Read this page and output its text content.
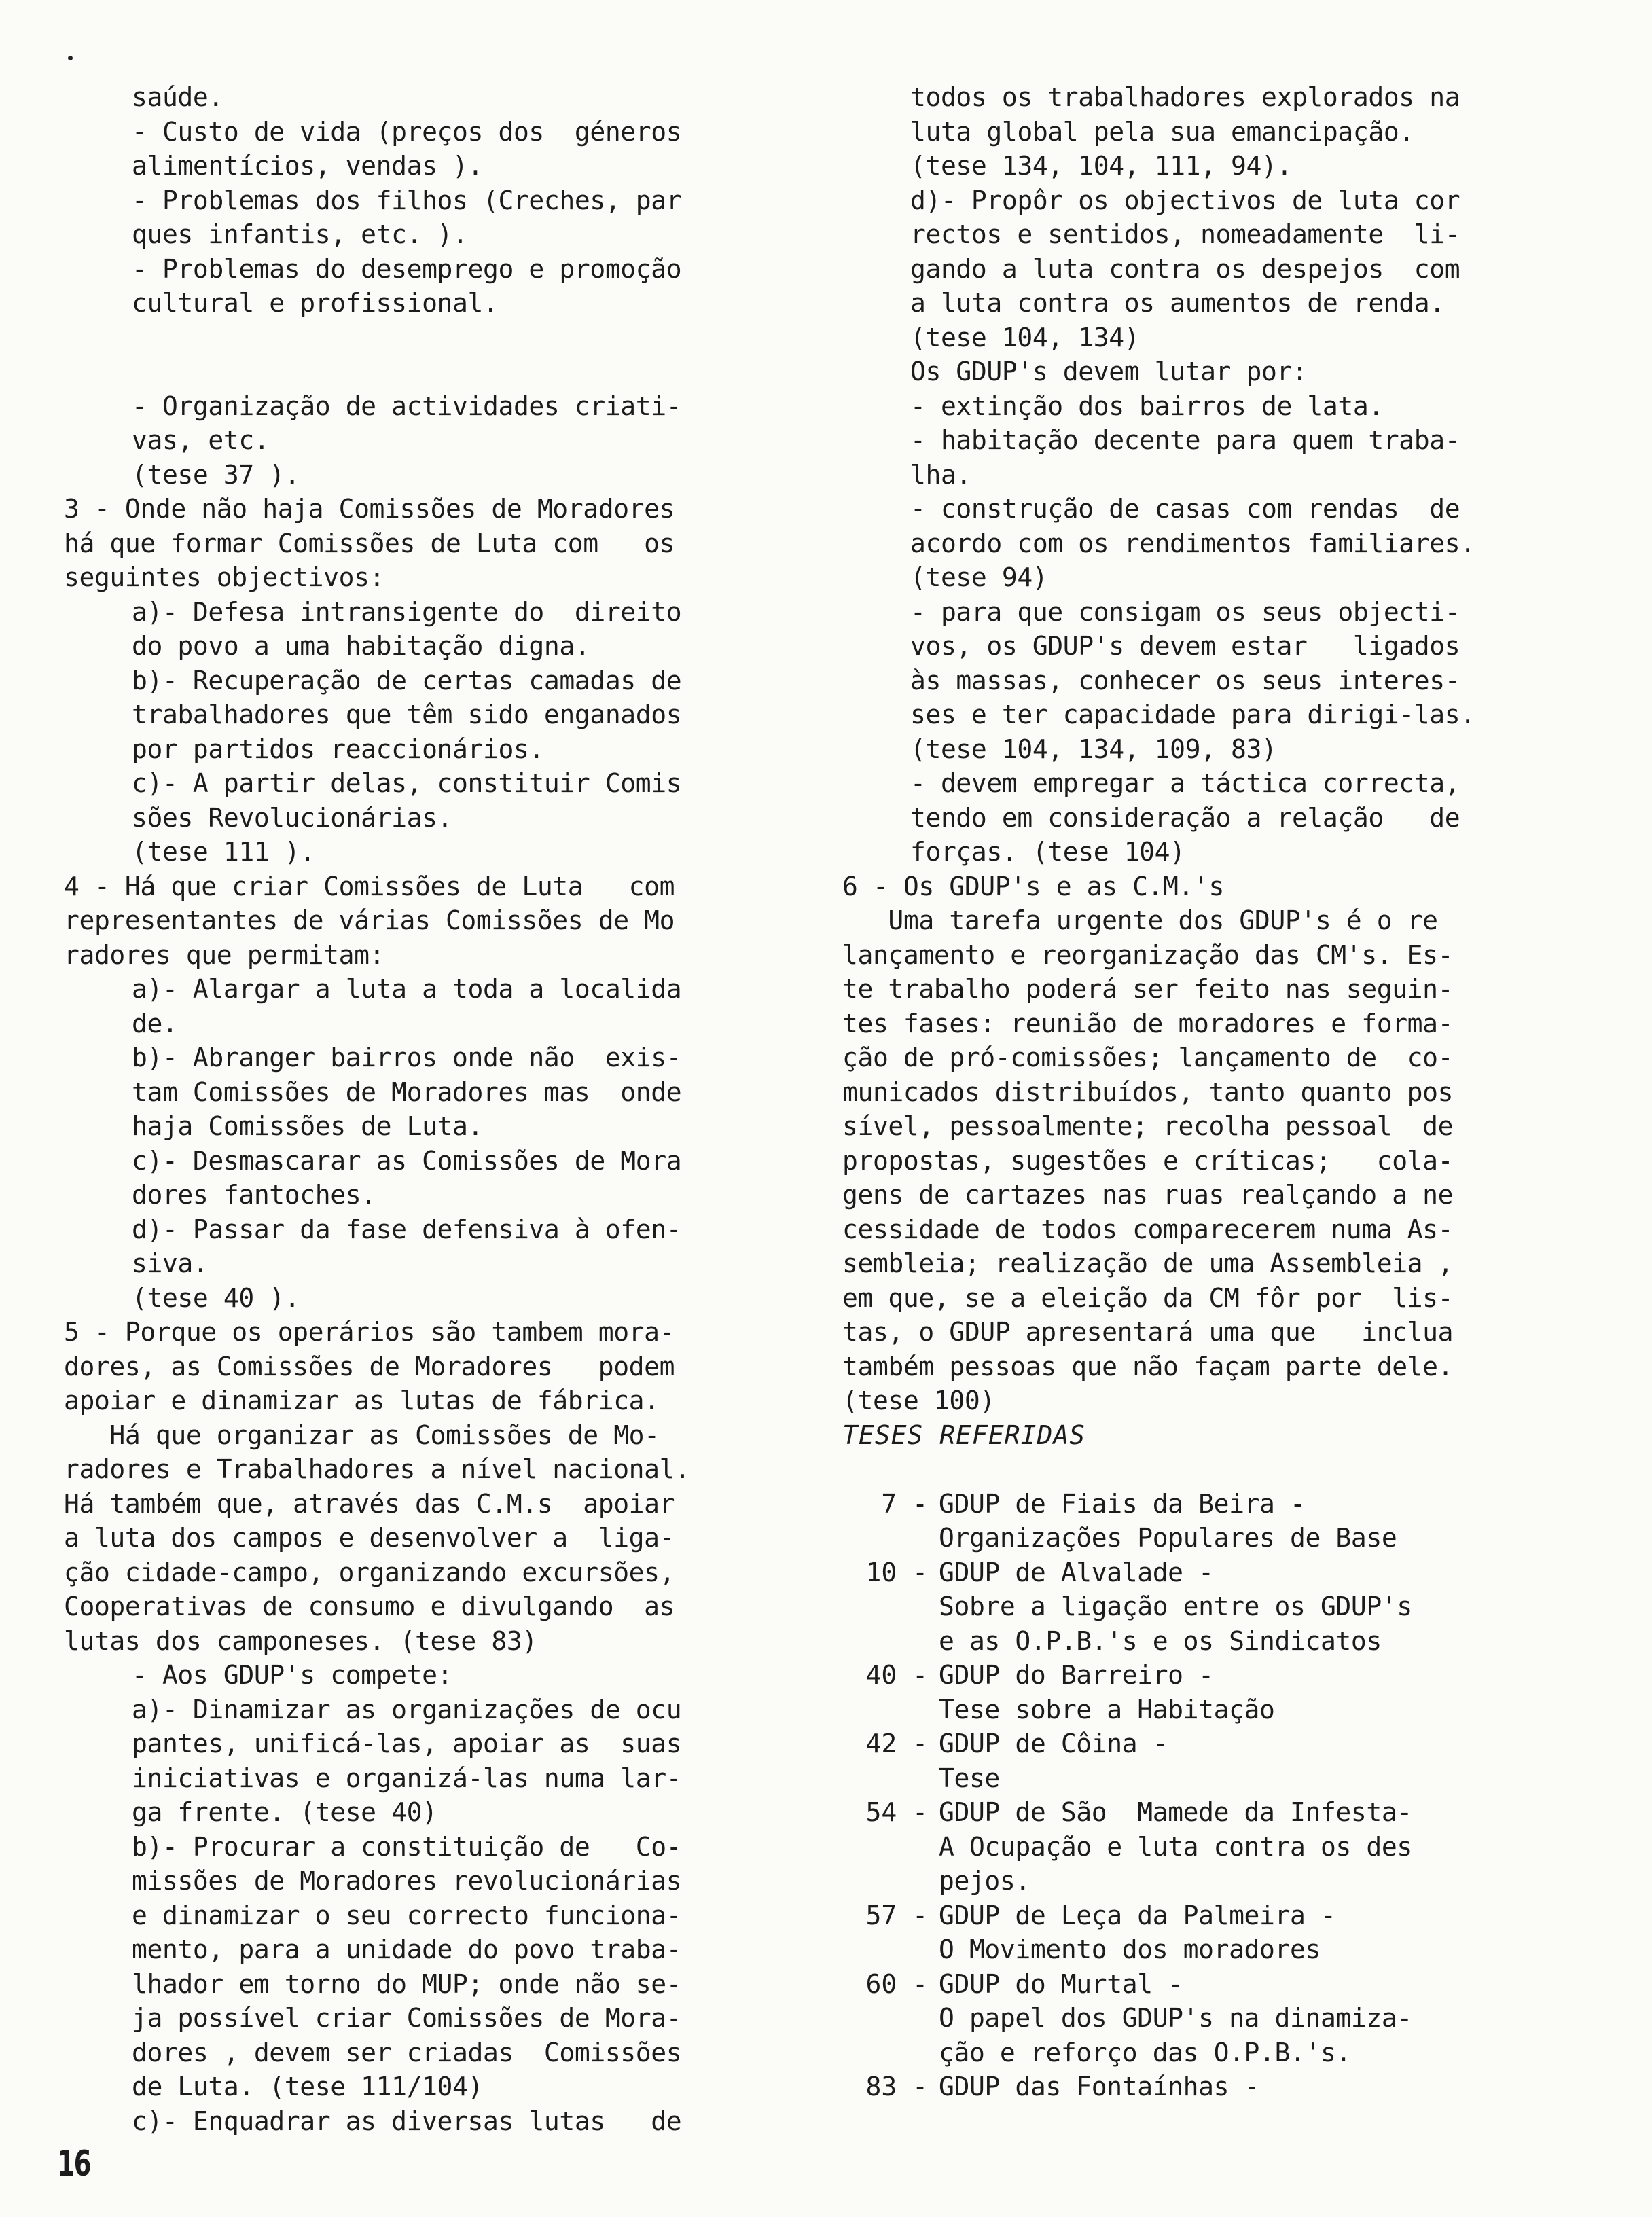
saúde.
- Custo de vida (preços dos  géneros
alimentícios, vendas ).
- Problemas dos filhos (Creches, par
ques infantis, etc. ).
- Problemas do desemprego e promoção
cultural e profissional.
- Organização de actividades criati-
vas, etc.
(tese 37 ).
3 - Onde não haja Comissões de Moradores
há que formar Comissões de Luta com   os
seguintes objectivos:
a)- Defesa intransigente do  direito
do povo a uma habitação digna.
b)- Recuperação de certas camadas de
trabalhadores que têm sido enganados
por partidos reaccionários.
c)- A partir delas, constituir Comis
sões Revolucionárias.
(tese 111 ).
4 - Há que criar Comissões de Luta   com
representantes de várias Comissões de Mo
radores que permitam:
a)- Alargar a luta a toda a localida
de.
b)- Abranger bairros onde não  exis-
tam Comissões de Moradores mas  onde
haja Comissões de Luta.
c)- Desmascarar as Comissões de Mora
dores fantoches.
d)- Passar da fase defensiva à ofen-
siva.
(tese 40 ).
5 - Porque os operários são tambem mora-
dores, as Comissões de Moradores   podem
apoiar e dinamizar as lutas de fábrica.
Há que organizar as Comissões de Mo-
radores e Trabalhadores a nível nacional.
Há também que, através das C.M.s  apoiar
a luta dos campos e desenvolver a  liga-
ção cidade-campo, organizando excursões,
Cooperativas de consumo e divulgando  as
lutas dos camponeses. (tese 83)
- Aos GDUP's compete:
a)- Dinamizar as organizações de ocu
pantes, unificá-las, apoiar as  suas
iniciativas e organizá-las numa lar-
ga frente. (tese 40)
b)- Procurar a constituição de   Co-
missões de Moradores revolucionárias
e dinamizar o seu correcto funciona-
mento, para a unidade do povo traba-
lhador em torno do MUP; onde não se-
ja possível criar Comissões de Mora-
dores , devem ser criadas  Comissões
de Luta. (tese 111/104)
c)- Enquadrar as diversas lutas   de
todos os trabalhadores explorados na
luta global pela sua emancipação.
(tese 134, 104, 111, 94).
d)- Propôr os objectivos de luta cor
rectos e sentidos, nomeadamente  li-
gando a luta contra os despejos  com
a luta contra os aumentos de renda.
(tese 104, 134)
Os GDUP's devem lutar por:
- extinção dos bairros de lata.
- habitação decente para quem traba-
lha.
- construção de casas com rendas  de
acordo com os rendimentos familiares.
(tese 94)
- para que consigam os seus objecti-
vos, os GDUP's devem estar   ligados
às massas, conhecer os seus interes-
ses e ter capacidade para dirigi-las.
(tese 104, 134, 109, 83)
- devem empregar a táctica correcta,
tendo em consideração a relação   de
forças. (tese 104)
6 - Os GDUP's e as C.M.'s
Uma tarefa urgente dos GDUP's é o re
lançamento e reorganização das CM's. Es-
te trabalho poderá ser feito nas seguin-
tes fases: reunião de moradores e forma-
ção de pró-comissões; lançamento de  co-
municados distribuídos, tanto quanto pos
sível, pessoalmente; recolha pessoal  de
propostas, sugestões e críticas;   cola-
gens de cartazes nas ruas realçando a ne
cessidade de todos comparecerem numa As-
sembleia; realização de uma Assembleia ,
em que, se a eleição da CM fôr por  lis-
tas, o GDUP apresentará uma que   inclua
também pessoas que não façam parte dele.
(tese 100)
TESES REFERIDAS
7 - GDUP de Fiais da Beira -
Organizações Populares de Base
10 - GDUP de Alvalade -
Sobre a ligação entre os GDUP's
e as O.P.B.'s e os Sindicatos
40 - GDUP do Barreiro -
Tese sobre a Habitação
42 - GDUP de Côina -
Tese
54 - GDUP de São  Mamede da Infesta-
A Ocupação e luta contra os des
pejos.
57 - GDUP de Leça da Palmeira -
O Movimento dos moradores
60 - GDUP do Murtal -
O papel dos GDUP's na dinamiza-
ção e reforço das O.P.B.'s.
83 - GDUP das Fontaínhas -
16
